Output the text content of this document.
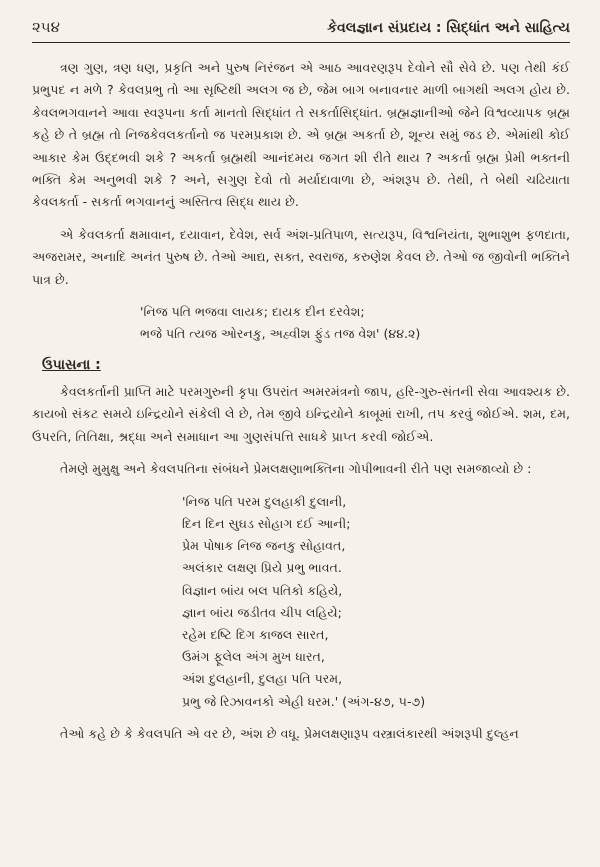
૨૫૪	કેવલજ્ઞાન સંપ્રદાય : સિદ્ધાંત અને સાહિત્ય

ત્રણ ગુણ, ત્રણ ધણ, પ્રકૃતિ અને પુરુષ નિરંજન એ આઠ આવરણરૂપ દેવોને સૌ સેવે છે. પણ તેથી કંઈ પ્રભુપદ ન મળે ? કેવલપ્રભુ તો આ સૃષ્ટિથી અલગ જ છે, જેમ બાગ બનાવનાર માળી બાગથી અલગ હોય છે. કેવલભગવાનને આવા સ્વરૂપના કર્તા માનતો સિદ્ધાંત તે સકર્તાસિદ્ધાંત. બ્રહ્મજ્ઞાનીઓ જેને વિશ્વવ્યાપક બ્રહ્મ કહે છે તે બ્રહ્મ તો નિજકેવલકર્તાનો જ પરમપ્રકાશ છે. એ બ્રહ્મ અકર્તા છે, શૂન્ય સમું જડ છે. એમાંથી કોઈ આકાર કેમ ઉદ્દભવી શકે ? અકર્તા બ્રહ્મથી આનંદમય જગત શી રીતે થાય ? અકર્તા બ્રહ્મ પ્રેમી ભક્તની ભક્તિ કેમ અનુભવી શકે ? અને, સગુણ દેવો તો મર્યાદાવાળા છે, અંશરૂપ છે. તેથી, તે બેથી ચઢિયાતા કેવલકર્તા - સકર્તા ભગવાનનું અસ્તિત્વ સિદ્ધ થાય છે.

એ કેવલકર્તા ક્ષમાવાન, દયાવાન, દેવેશ, સર્વ અંશ-પ્રતિપાળ, સત્યરૂપ, વિશ્વનિયંતા, શુભાશુભ ફળદાતા, અજરામર, અનાદિ અનંત પુરુષ છે. તેઓ આદ્ય, સક્ત, સ્વરાજ, કરુણેશ કેવલ છે. તેઓ જ જીવોની ભક્તિને પાત્ર છે.

'નિજ પતિ ભજવા લાયક; દાયક દીન દરવેશ;
ભજે પતિ ત્યજ ઓરનકુ, અહ્વીશ ફુંડ તજ વેશ' (૪૪.૨)
ઉપાસના :

કેવલકર્તાની પ્રાપ્તિ માટે પરમગુરુની કૃપા ઉપરાંત અમરમંત્રનો જાપ, હરિ-ગુરુ-સંતની સેવા આવશ્યક છે. કાયબો સંકટ સમયે ઇન્દ્રિયોને સંકેલી લે છે, તેમ જીવે ઇન્દ્રિયોને કાબૂમાં રાખી, તપ કરવું જોઈએ. શમ, દમ, ઉપરતિ, તિતિક્ષા, શ્રદ્ધા અને સમાધાન આ ગુણસંપત્તિ સાધકે પ્રાપ્ત કરવી જોઈએ.

તેમણે મુમુક્ષુ અને કેવલપતિના સંબંધને પ્રેમલક્ષણાભક્તિના ગોપીભાવની રીતે પણ સમજાવ્યો છે :

'નિજ પતિ પરમ દુલહાકી દુલાની,
દિન દિન સુઘડ સોહાગ દઈ આની;
પ્રેમ પોષાક નિજ જનકુ સોહાવત,
અલંકાર લક્ષણ પ્રિયે પ્રભુ ભાવત.
વિજ્ઞાન બાંય બલ પતિકો કહિયે,
જ્ઞાન બાંય જડીતવ ચીપ લહિયે;
રહેમ દષ્ટિ દિગ કાજલ સારત,
ઉમંગ ફૂલેલ અંગ મુખ ધારત,
અંશ દુલહાની, દુલહા પતિ પરમ,
પ્રભુ જે રિઝાવનકો એહી ધરમ.' (અંગ-૪૭, ૫-૭)

તેઓ કહે છે કે કેવલપતિ એ વર છે, અંશ છે વધૂ. પ્રેમલક્ષણારૂપ વસ્ત્રાલંકારથી અંશરૂપી દુલ્હન
